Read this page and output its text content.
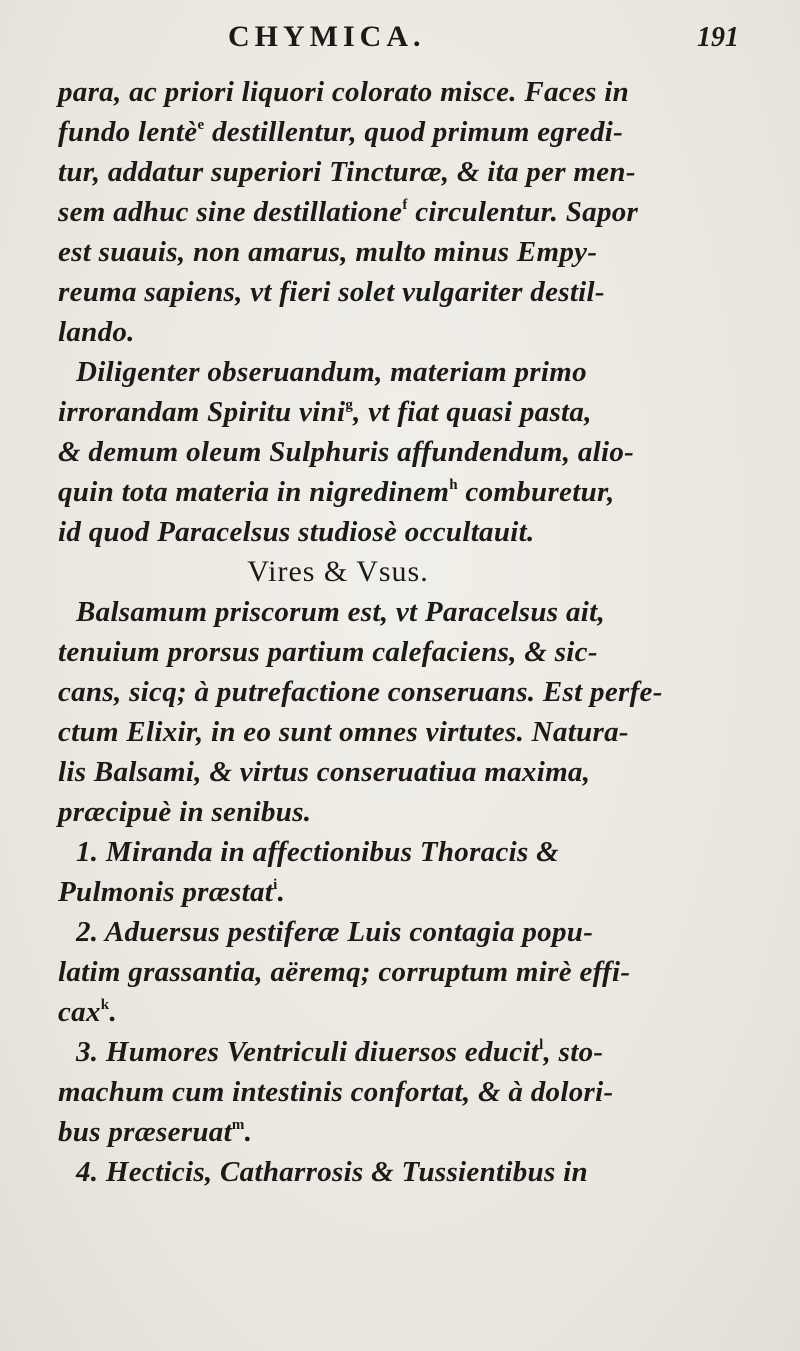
CHYMICA.	191
para, ac priori liquori colorato misce. Faces in
fundo lentè$^e$ destillentur, quod primum egredi-
tur, addatur superiori Tincturæ, & ita per men-
sem adhuc sine destillatione$^f$ circulentur. Sapor
est suauis, non amarus, multo minus Empy-
reuma sapiens, vt fieri solet vulgariter destil-
lando.
Diligenter obseruandum, materiam primo
irrorandam Spiritu vini$^g$, vt fiat quasi pasta,
& demum oleum Sulphuris affundendum, alio-
quin tota materia in nigredinem$^h$ comburetur,
id quod Paracelsus studiosè occultauit.
Vires & Vsus.
Balsamum priscorum est, vt Paracelsus ait,
tenuium prorsus partium calefaciens, & sic-
cans, sicq; à putrefactione conseruans. Est perfe-
ctum Elixir, in eo sunt omnes virtutes. Natura-
lis Balsami, & virtus conseruatiua maxima,
præcipuè in senibus.
1. Miranda in affectionibus Thoracis &
Pulmonis præstat$^i$.
2. Aduersus pestiferæ Luis contagia popu-
latim grassantia, aëremq; corruptum mirè effi-
cax$^k$.
3. Humores Ventriculi diuersos educit$^l$, sto-
machum cum intestinis confortat, & à dolori-
bus præseruat$^m$.
4. Hecticis, Catharrosis & Tussientibus in
